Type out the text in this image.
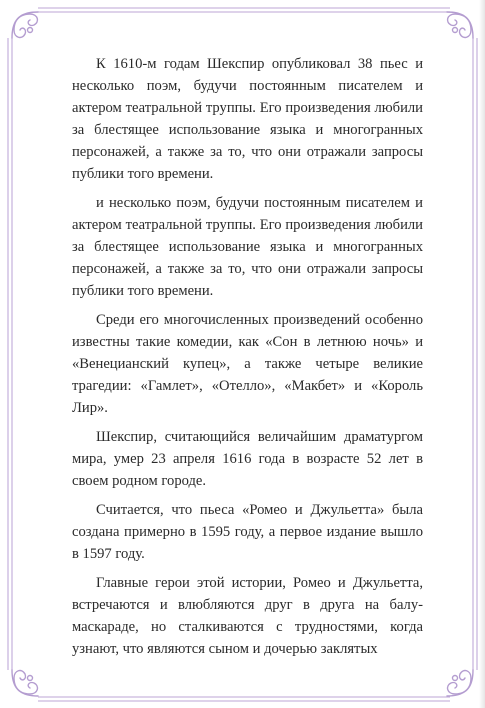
К 1610-м годам Шекспир опубликовал 38 пьес и несколько поэм, будучи постоянным писателем и актером театральной труппы. Его произведения любили за блестящее использование языка и многогранных персонажей, а также за то, что они отражали запросы публики того времени.

и несколько поэм, будучи постоянным писателем и актером театральной труппы. Его произведения любили за блестящее использование языка и многогранных персонажей, а также за то, что они отражали запросы публики того времени.

Среди его многочисленных произведений особенно известны такие комедии, как «Сон в летнюю ночь» и «Венецианский купец», а также четыре великие трагедии: «Гамлет», «Отелло», «Макбет» и «Король Лир».

Шекспир, считающийся величайшим драматургом мира, умер 23 апреля 1616 года в возрасте 52 лет в своем родном городе.

Считается, что пьеса «Ромео и Джульетта» была создана примерно в 1595 году, а первое издание вышло в 1597 году.

Главные герои этой истории, Ромео и Джульетта, встречаются и влюбляются друг в друга на балу-маскараде, но сталкиваются с трудностями, когда узнают, что являются сыном и дочерью заклятых
